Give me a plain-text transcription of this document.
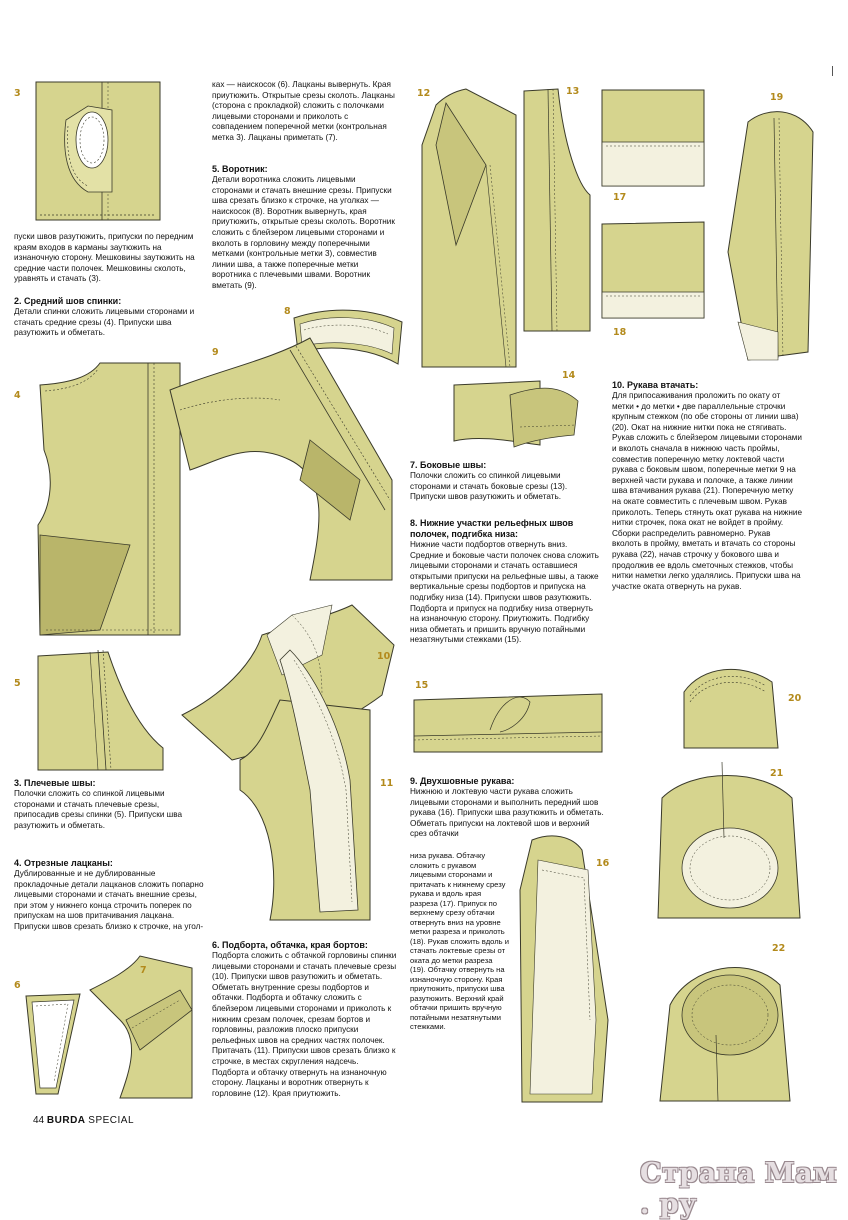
3
4
5
6
7
8
9
10
11
12	13
14
15
16
17
18
19
20
21
22

пуски швов разутюжить, припуски по передним краям входов в карманы заутюжить на изнаночную сторону. Мешковины заутюжить на средние части полочек. Мешковины сколоть, уравнять и стачать (3).

2. Средний шов спинки:

Детали спинки сложить лицевыми сторонами и стачать средние срезы (4). Припуски шва разутюжить и обметать.

3. Плечевые швы:

Полочки сложить со спинкой лицевыми сторонами и стачать плечевые срезы, припосадив срезы спинки (5). Припуски шва разутюжить и обметать.

4. Отрезные лацканы:

Дублированные и не дублированные прокладочные детали лацканов сложить попарно лицевыми сторонами и стачать внешние срезы, при этом у нижнего конца строчить поперек по припускам на шов притачивания лацкана. Припуски швов срезать близко к строчке, на угол-

ках — наискосок (6). Лацканы вывернуть. Края приутюжить. Открытые срезы сколоть. Лацканы (сторона с прокладкой) сложить с полочками лицевыми сторонами и приколоть с совпадением поперечной метки (контрольная метка 3). Лацканы приметать (7).

5. Воротник:

Детали воротника сложить лицевыми сторонами и стачать внешние срезы. Припуски шва срезать близко к строчке, на уголках — наискосок (8). Воротник вывернуть, края приутюжить, открытые срезы сколоть. Воротник сложить с блейзером лицевыми сторонами и вколоть в горловину между поперечными метками (контрольные метки 3), совместив линии шва, а также поперечные метки воротника с плечевыми швами. Воротник вметать (9).

6. Подборта, обтачка, края бортов:

Подборта сложить с обтачкой горловины спинки лицевыми сторонами и стачать плечевые срезы (10). Припуски швов разутюжить и обметать. Обметать внутренние срезы подбортов и обтачки. Подборта и обтачку сложить с блейзером лицевыми сторонами и приколоть к нижним срезам полочек, срезам бортов и горловины, разложив плоско припуски рельефных швов на средних частях полочек. Притачать (11). Припуски швов срезать близко к строчке, в местах скругления надсечь. Подборта и обтачку отвернуть на изнаночную сторону. Лацканы и воротник отвернуть к горловине (12). Края приутюжить.

7. Боковые швы:

Полочки сложить со спинкой лицевыми сторонами и стачать боковые срезы (13). Припуски швов разутюжить и обметать.

8. Нижние участки рельефных швов полочек, подгибка низа:

Нижние части подбортов отвернуть вниз. Средние и боковые части полочек снова сложить лицевыми сторонами и стачать оставшиеся открытыми припуски на рельефные швы, а также вертикальные срезы подбортов и припуска на подгибку низа (14). Припуски швов разутюжить. Подборта и припуск на подгибку низа отвернуть на изнаночную сторону. Приутюжить. Подгибку низа обметать и пришить вручную потайными незатянутыми стежками (15).

9. Двухшовные рукава:

Нижнюю и локтевую части рукава сложить лицевыми сторонами и выполнить передний шов рукава (16). Припуски шва разутюжить и обметать. Обметать припуски на локтевой шов и верхний срез обтачки

низа рукава. Обтачку сложить с рукавом лицевыми сторонами и притачать к нижнему срезу рукава и вдоль края разреза (17). Припуск по верхнему срезу обтачки отвернуть вниз на уровне метки разреза и приколоть (18). Рукав сложить вдоль и стачать локтевые срезы от оката до метки разреза (19). Обтачку отвернуть на изнаночную сторону. Края приутюжить, припуски шва разутюжить. Верхний край обтачки пришить вручную потайными незатянутыми стежками.

10. Рукава втачать:

Для припосаживания проложить по окату от метки • до метки • две параллельные строчки крупным стежком (по обе стороны от линии шва) (20). Окат на нижние нитки пока не стягивать. Рукав сложить с блейзером лицевыми сторонами и вколоть сначала в нижнюю часть проймы, совместив поперечную метку локтевой части рукава с боковым швом, поперечные метки 9 на верхней части рукава и полочке, а также линии шва втачивания рукава (21). Поперечную метку на окате совместить с плечевым швом. Рукав приколоть. Теперь стянуть окат рукава на нижние нитки строчек, пока окат не войдет в пройму. Сборки распределить равномерно. Рукав вколоть в пройму, вметать и втачать со стороны рукава (22), начав строчку у бокового шва и продолжив ее вдоль сметочных стежков, чтобы нитки наметки легко удалялись. Припуски шва на участке оката отвернуть на рукав.

44 BURDA SPECIAL
Страна Мам . ру
